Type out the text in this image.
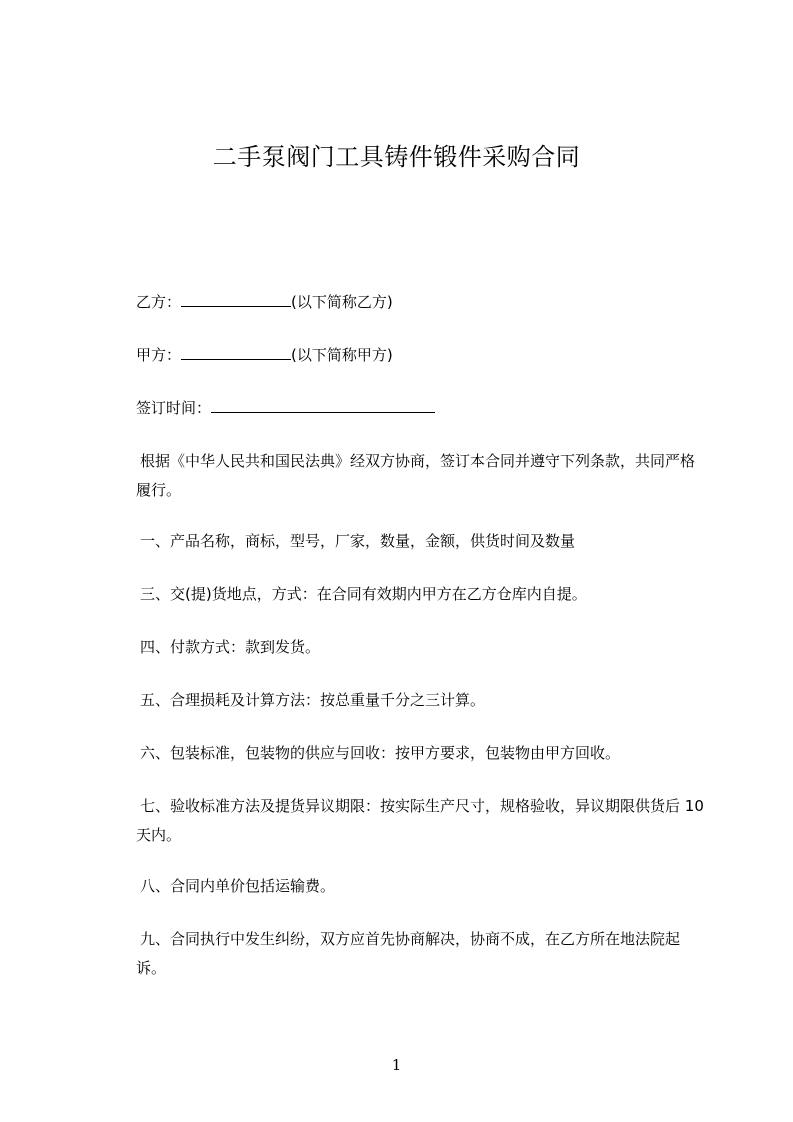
二手泵阀门工具铸件锻件采购合同
乙方：	(以下简称乙方)
甲方：	(以下简称甲方)
签订时间：
根据《中华人民共和国民法典》经双方协商，签订本合同并遵守下列条款，共同严格履行。
一、产品名称，商标，型号，厂家，数量，金额，供货时间及数量
三、交(提)货地点，方式：在合同有效期内甲方在乙方仓库内自提。
四、付款方式：款到发货。
五、合理损耗及计算方法：按总重量千分之三计算。
六、包装标准，包装物的供应与回收：按甲方要求，包装物由甲方回收。
七、验收标准方法及提货异议期限：按实际生产尺寸，规格验收，异议期限供货后 10 天内。
八、合同内单价包括运输费。
九、合同执行中发生纠纷，双方应首先协商解决，协商不成，在乙方所在地法院起诉。
1
